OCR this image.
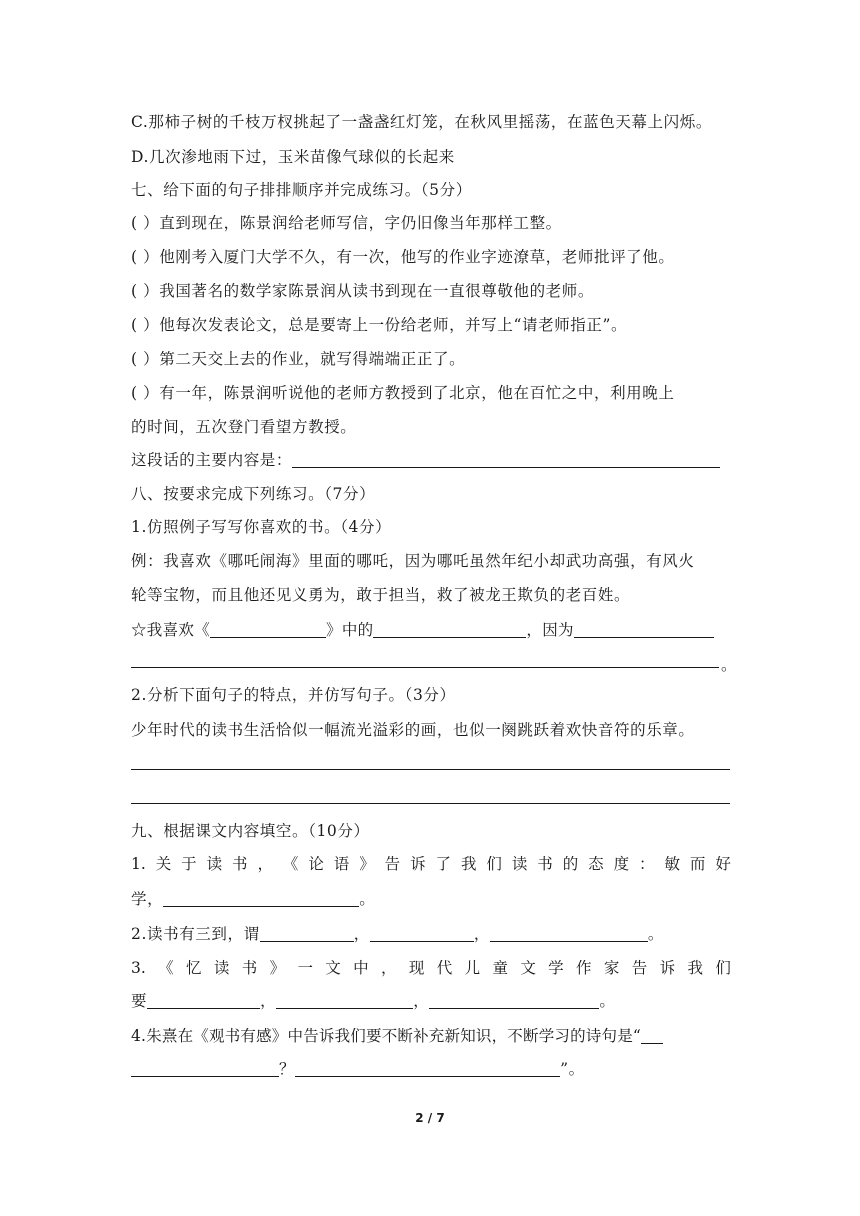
C.那柿子树的千枝万杈挑起了一盏盏红灯笼，在秋风里摇荡，在蓝色天幕上闪烁。
D.几次渗地雨下过，玉米苗像气球似的长起来
七、给下面的句子排排顺序并完成练习。（5分）
( ）直到现在，陈景润给老师写信，字仍旧像当年那样工整。
( ）他刚考入厦门大学不久，有一次，他写的作业字迹潦草，老师批评了他。
( ）我国著名的数学家陈景润从读书到现在一直很尊敬他的老师。
( ）他每次发表论文，总是要寄上一份给老师，并写上“请老师指正”。
( ）第二天交上去的作业，就写得端端正正了。
( ）有一年，陈景润听说他的老师方教授到了北京，他在百忙之中，利用晚上
的时间，五次登门看望方教授。
这段话的主要内容是：
八、按要求完成下列练习。（7分）
1.仿照例子写写你喜欢的书。（4分）
例：我喜欢《哪吒闹海》里面的哪吒，因为哪吒虽然年纪小却武功高强，有风火
轮等宝物，而且他还见义勇为，敢于担当，救了被龙王欺负的老百姓。
☆我喜欢《	》中的	，因为
。
2.分析下面句子的特点，并仿写句子。（3分）
少年时代的读书生活恰似一幅流光溢彩的画，也似一阕跳跃着欢快音符的乐章。
九、根据课文内容填空。（10分）
1. 关 于 读 书 ， 《 论 语 》 告 诉 了 我 们 读 书 的 态 度 ： 敏 而 好
学，	。
2.读书有三到，谓	，	，	。
3. 《 忆 读 书 》 一 文 中 ， 现 代 儿 童 文 学 作 家 告 诉 我 们
要	，	，	。
4.朱熹在《观书有感》中告诉我们要不断补充新知识，不断学习的诗句是“
？	”。
2 / 7
